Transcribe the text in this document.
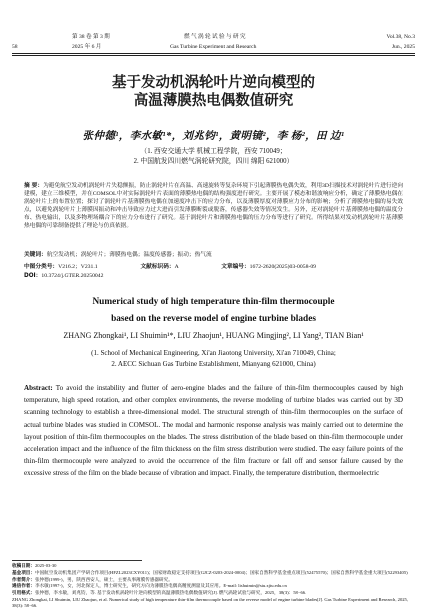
第 38 卷 第 3 期	燃 气 涡 轮 试 验 与 研 究	Vol.38, No.3
58	2025 年 6 月	Gas Turbine Experiment and Research	Jun., 2025
基于发动机涡轮叶片逆向模型的
高温薄膜热电偶数值研究
张仲德¹，李水敏¹*，刘兆钧¹，黄明镜²，李 杨²，田 边¹
（1. 西安交通大学 机械工程学院，西安 710049；
2. 中国航发四川燃气涡轮研究院，四川 绵阳 621000）
摘 要：为避免航空发动机涡轮叶片失稳颤振，防止涡轮叶片在高温、高速旋转等复杂环境下引起薄膜热电偶失效，利用3D扫描技术对涡轮叶片进行逆向建模，建立三维模型，并在COMSOL中对实际涡轮叶片表面的薄膜热电偶的结构强度进行研究。主要开展了模态和谐波响应分析，确定了薄膜热电偶在涡轮叶片上的布置位置；探讨了涡轮叶片基薄膜热电偶在加速度冲击下的应力分布，以及薄膜厚度对薄膜应力分布的影响；分析了薄膜热电偶的易失效点，以避免涡轮叶片上薄膜因振动和冲击导致应力过大进而引发薄膜断裂或脱落，传感器失效等情况发生。另外，还对涡轮叶片基薄膜热电偶的温度分布、热电输出，以及多物理场耦合下的应力分布进行了研究。基于涡轮叶片和薄膜热电偶的压力分布等进行了研究。所得结果对发动机涡轮叶片基薄膜热电偶的可靠制备提供了理论与仿真依据。
关键词：航空发动机；涡轮叶片；薄膜热电偶；温度传感器；振动；热气流
中图分类号：V216.2；V231.1	文献标识码：A	文章编号：1672-2620(2025)03-0058-09
DOI：10.3724/j.GTER.20250042
Numerical study of high temperature thin-film thermocouple
based on the reverse model of engine turbine blades
ZHANG Zhongkai¹, LI Shuimin¹*, LIU Zhaojun¹, HUANG Mingjing², LI Yang², TIAN Bian¹
(1. School of Mechanical Engineering, Xi'an Jiaotong University, Xi'an 710049, China;
2. AECC Sichuan Gas Turbine Establishment, Mianyang 621000, China)
Abstract: To avoid the instability and flutter of aero-engine blades and the failure of thin-film thermocouples caused by high temperature, high speed rotation, and other complex environments, the reverse modeling of turbine blades was carried out by 3D scanning technology to establish a three-dimensional model. The structural strength of thin-film thermocouples on the surface of actual turbine blades was studied in COMSOL. The modal and harmonic response analysis was mainly carried out to determine the layout position of thin-film thermocouples on the blades. The stress distribution of the blade based on thin-film thermocouple under acceleration impact and the influence of the film thickness on the film stress distribution were studied. The easy failure points of the thin-film thermocouple were analyzed to avoid the occurrence of the film fracture or fall off and sensor failure caused by the excessive stress of the film on the blade because of vibration and impact. Finally, the temperature distribution, thermoelectric
收稿日期：2025-03-30
基金项目：中国航空发动机集团产学研合作项目(HFZL2023CXY011)；国家财政稳定支持项目(GJCZ-0203-2024-0004)；国家自然科学基金重点项目(52475570)；国家自然科学基金重大项目(52293405)
作者简介：张仲德(1999-)，男，陕西西安人，硕士，主要从事薄膜传感器研究。
通信作者：李水敏(1997-)，女，河北保定人，博士研究生，研究方向为薄膜热电偶高精度测量及其应用。E-mail: lishuimin@stu.xjtu.edu.cn
引用格式：张仲德，李水敏，刘兆钧，等. 基于发动机涡轮叶片逆向模型的高温薄膜热电偶数值研究[J]. 燃气涡轮试验与研究，2025，38(3)：58−66.
ZHANG Zhongkai, LI Shuimin, LIU Zhaojun, et al. Numerical study of high temperature thin-film thermocouple based on the reverse model of engine turbine blades[J]. Gas Turbine Experiment and Research, 2025, 38(3): 58−66.
